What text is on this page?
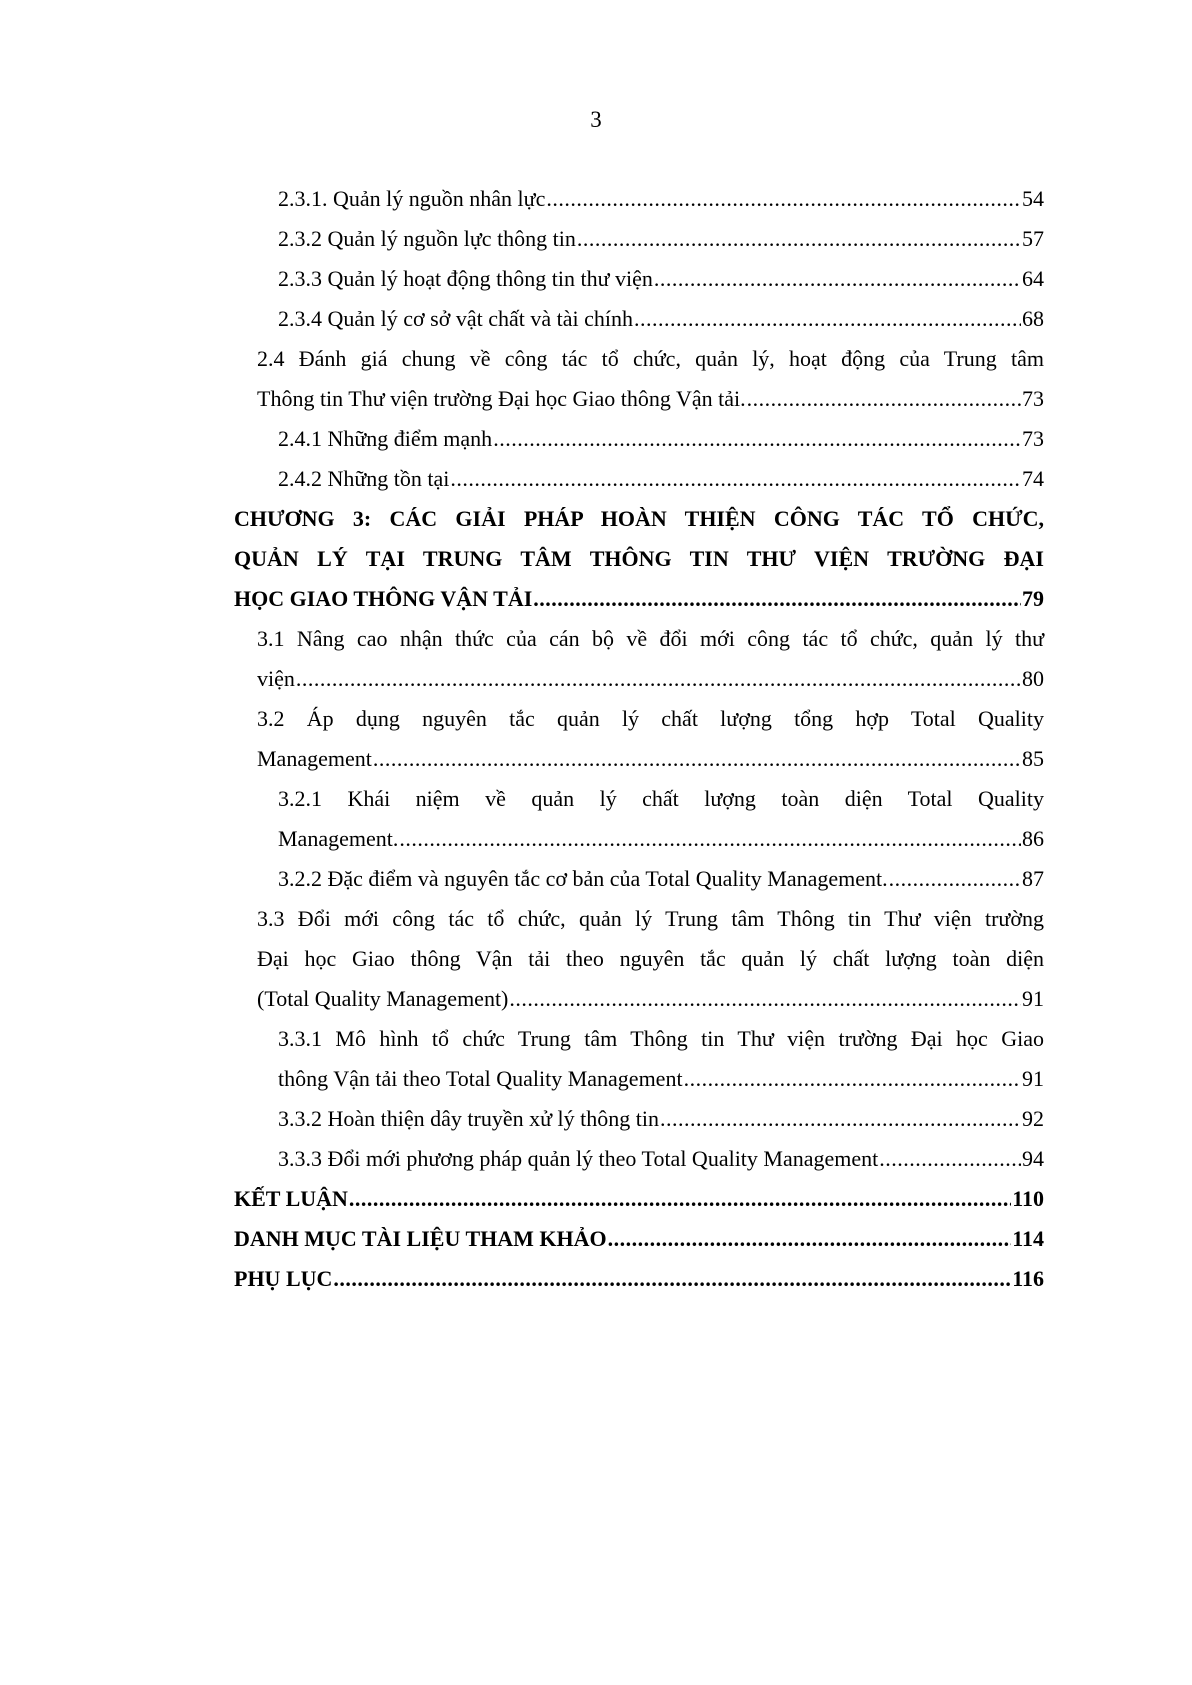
3
2.3.1. Quản lý nguồn nhân lực .....	54
2.3.2 Quản lý nguồn lực thông tin .....	57
2.3.3 Quản lý hoạt động thông tin thư viện .....	64
2.3.4 Quản lý cơ sở vật chất và tài chính .....	68
2.4 Đánh giá chung về công tác tổ chức, quản lý, hoạt động của Trung tâm
Thông tin Thư viện trường Đại học Giao thông Vận tải. .....	73
2.4.1 Những điểm mạnh .....	73
2.4.2 Những tồn tại .....	74
CHƯƠNG 3: CÁC GIẢI PHÁP HOÀN THIỆN CÔNG TÁC TỔ CHỨC,
QUẢN LÝ TẠI TRUNG TÂM THÔNG TIN THƯ VIỆN TRƯỜNG ĐẠI
HỌC GIAO THÔNG VẬN TẢI .....	79
3.1 Nâng cao nhận thức của cán bộ về đổi mới công tác tổ chức, quản lý thư
viện .....	80
3.2 Áp dụng nguyên tắc quản lý chất lượng tổng hợp Total Quality
Management .....	85
3.2.1 Khái niệm về quản lý chất lượng toàn diện Total Quality
Management. .....	86
3.2.2 Đặc điểm và nguyên tắc cơ bản của Total Quality Management. .....	87
3.3 Đổi mới công tác tổ chức, quản lý Trung tâm Thông tin Thư viện trường
Đại học Giao thông Vận tải theo nguyên tắc quản lý chất lượng toàn diện
(Total Quality Management) .....	91
3.3.1 Mô hình tổ chức Trung tâm Thông tin Thư viện trường Đại học Giao
thông Vận tải theo Total Quality Management .....	91
3.3.2 Hoàn thiện dây truyền xử lý thông tin .....	92
3.3.3 Đổi mới phương pháp quản lý theo Total Quality Management .....	94
KẾT LUẬN .....	110
DANH MỤC TÀI LIỆU THAM KHẢO .....	114
PHỤ LỤC .....	116
